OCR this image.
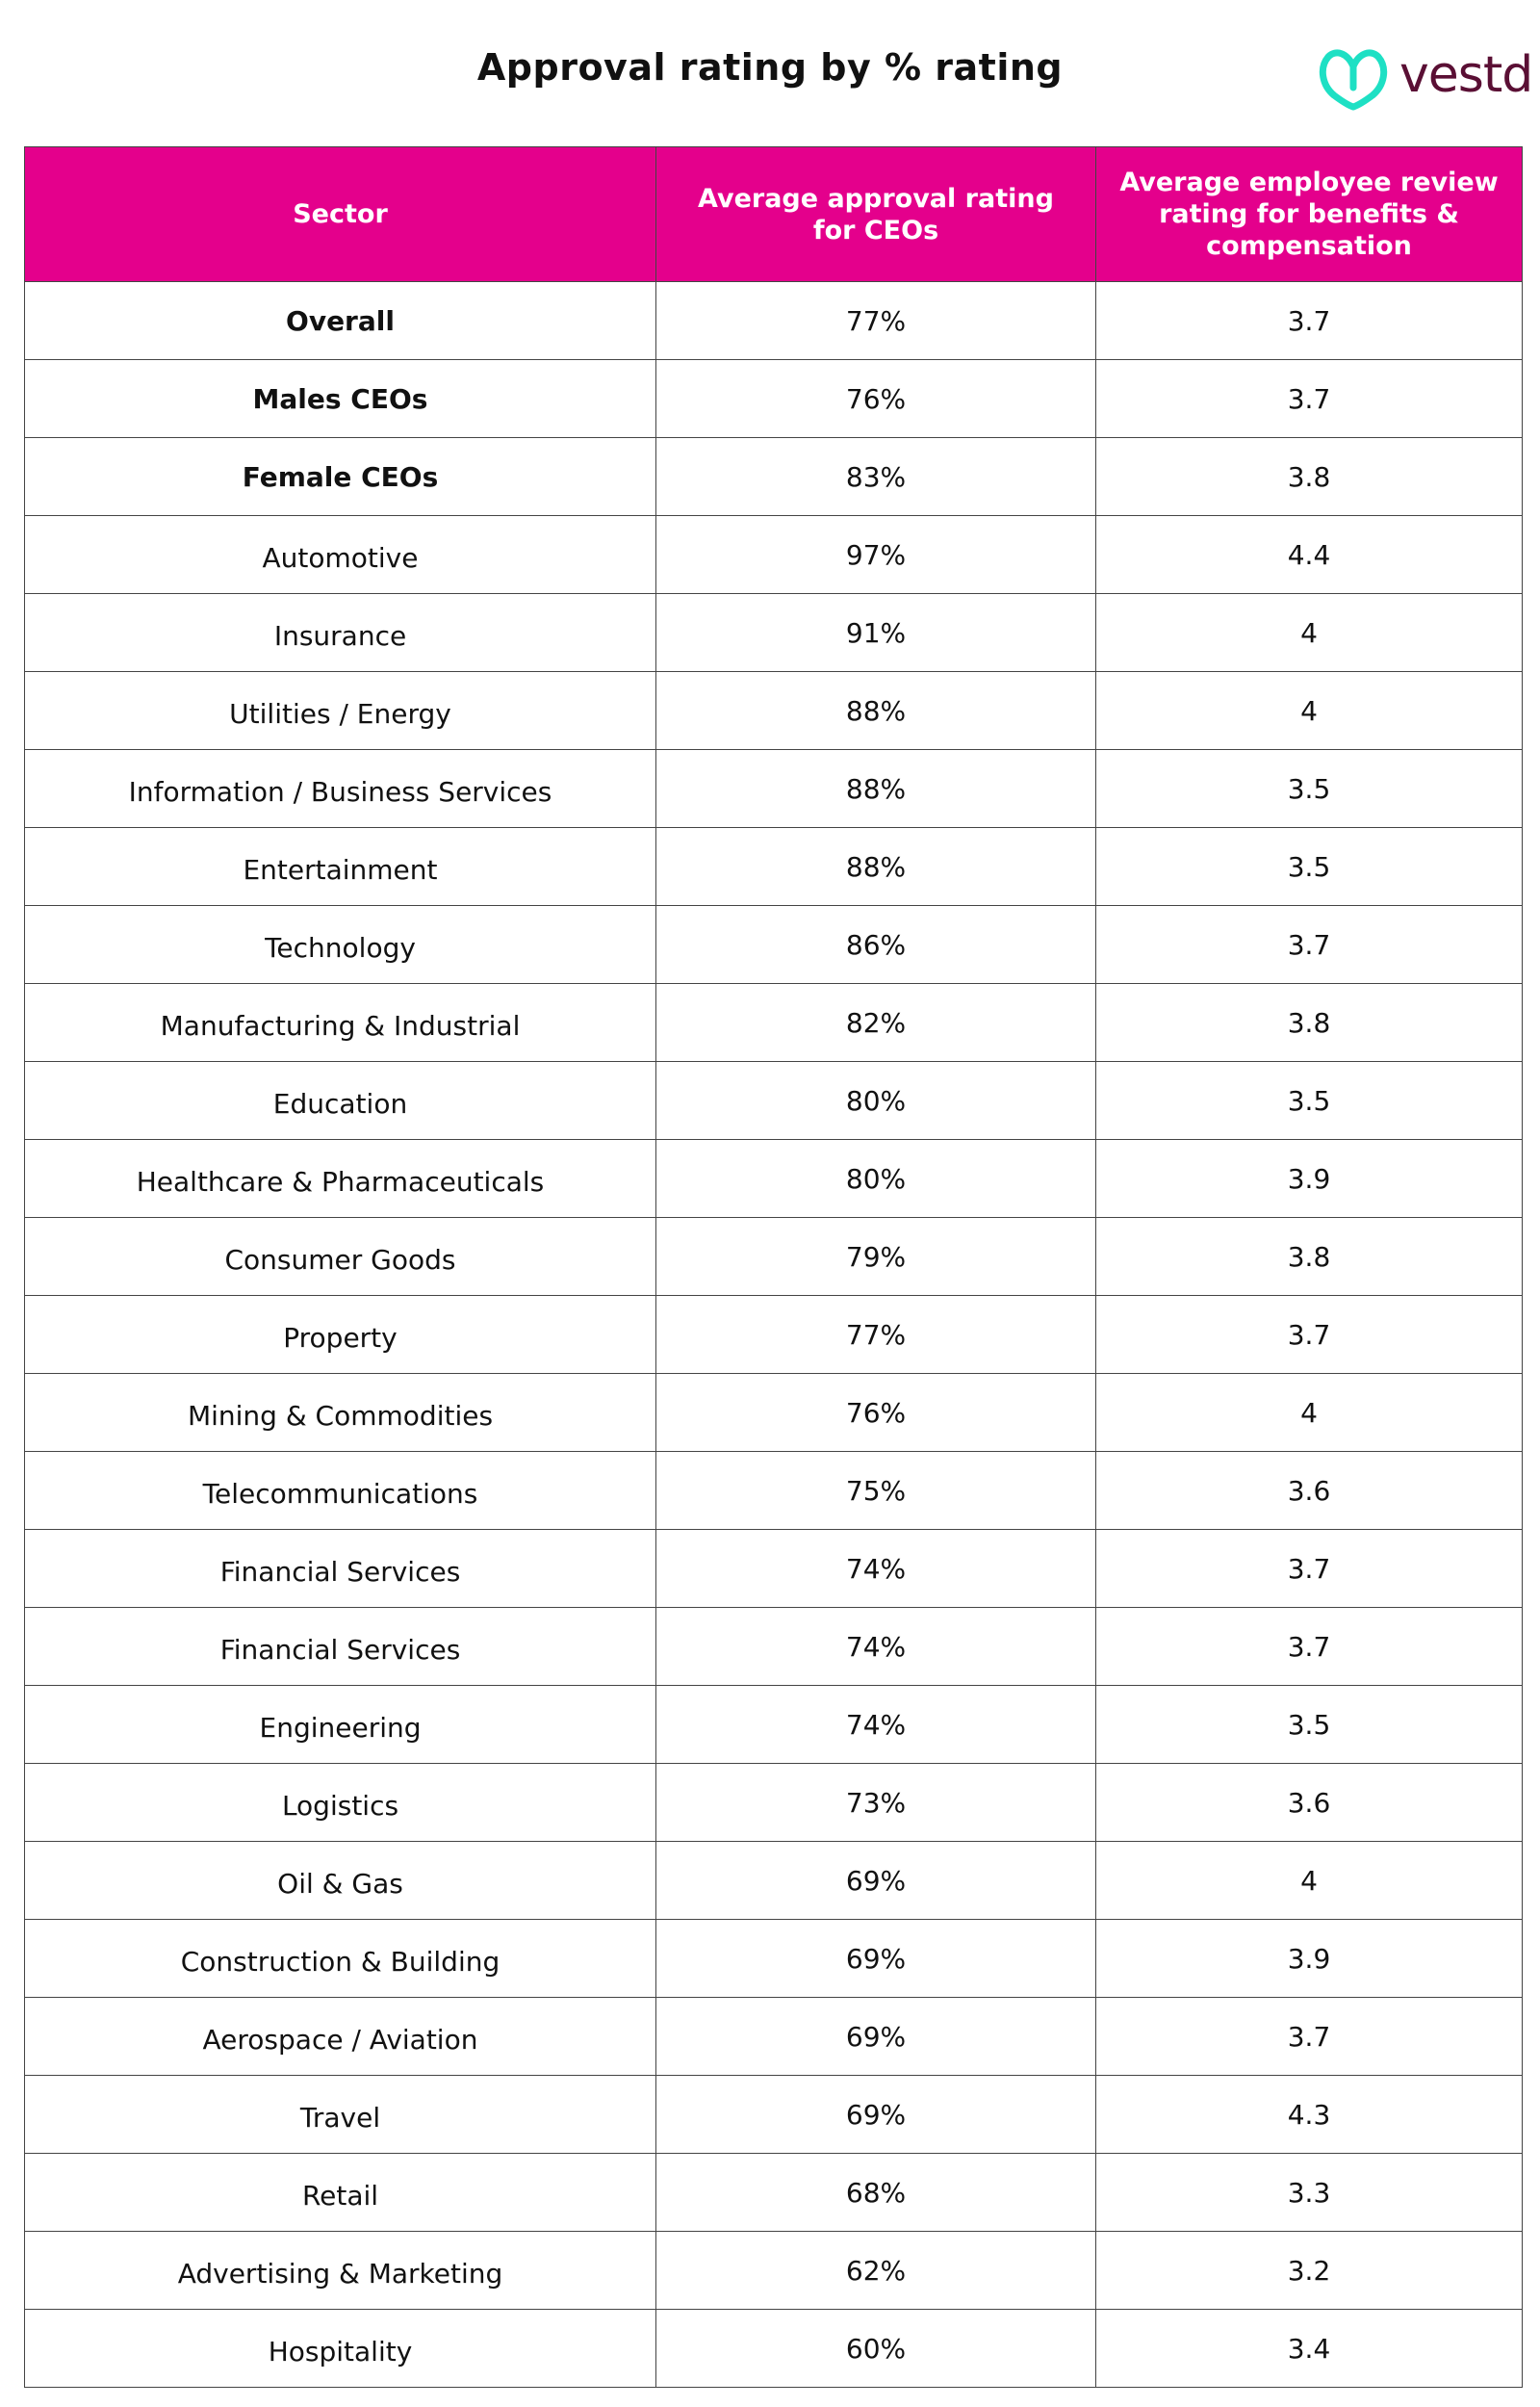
Approval rating by % rating	vestd
Sector	Average approval rating for CEOs	Average employee review rating for benefits & compensation
Overall	77%	3.7
Males CEOs	76%	3.7
Female CEOs	83%	3.8
Automotive	97%	4.4
Insurance	91%	4
Utilities / Energy	88%	4
Information / Business Services	88%	3.5
Entertainment	88%	3.5
Technology	86%	3.7
Manufacturing & Industrial	82%	3.8
Education	80%	3.5
Healthcare & Pharmaceuticals	80%	3.9
Consumer Goods	79%	3.8
Property	77%	3.7
Mining & Commodities	76%	4
Telecommunications	75%	3.6
Financial Services	74%	3.7
Financial Services	74%	3.7
Engineering	74%	3.5
Logistics	73%	3.6
Oil & Gas	69%	4
Construction & Building	69%	3.9
Aerospace / Aviation	69%	3.7
Travel	69%	4.3
Retail	68%	3.3
Advertising & Marketing	62%	3.2
Hospitality	60%	3.4
